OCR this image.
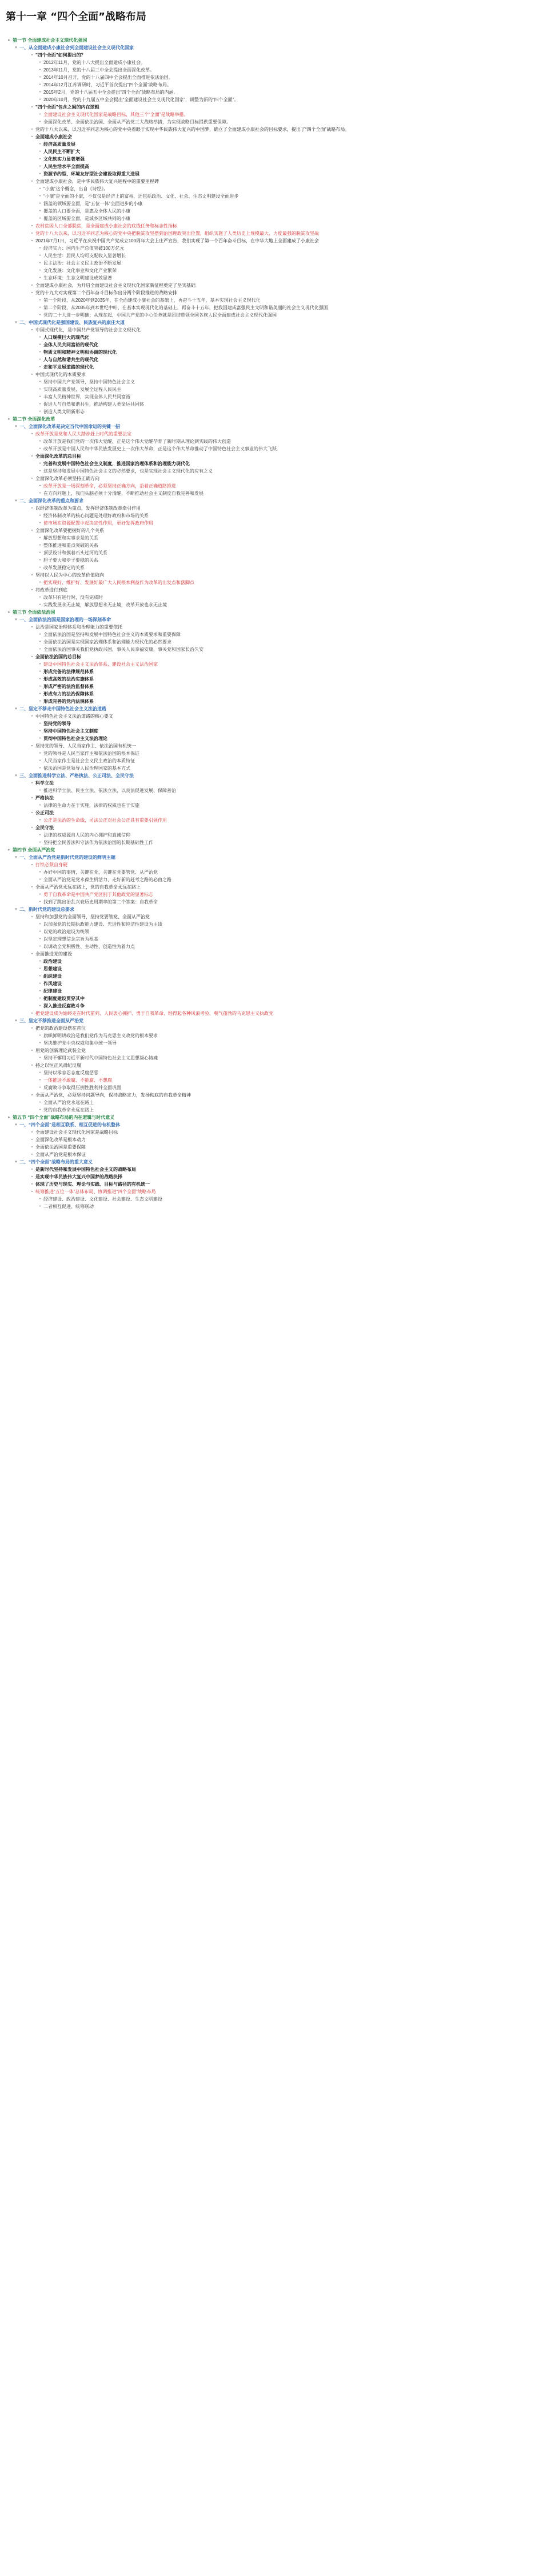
第十一章 “四个全面”战略布局
▸ 第一节 全面建成社会主义现代化强国
▾ 一、从全面建成小康社会到全面建设社会主义现代化国家
▪ "四个全面"如何提出的？
• 2012年11月，党的十八大提出全面建成小康社会。
• 2013年11月，党的十八届三中全会提出全面深化改革。
• 2014年10月召开，党的十八届四中全会提出全面推进依法治国。
• 2014年12月江苏调研时，习近平首次提出“四个全面”战略布局。
• 2015年2月，党的十八届五中全会提出“四个全面”战略布局的内涵。
• 2020年10月，党的十九届五中全会提出“全面建设社会主义现代化国家”，调整为新的“四个全面”。
▪ "四个全面"包含之间的内在逻辑
• 全面建设社会主义现代化国家是战略目标，其他三个“全面”是战略举措。
• 全面深化改革、全面依法治国、全面从严治党三大战略举措，为实现战略目标提供重要保障。
▪ 党的十八大以来，以习近平同志为核心的党中央着眼于实现中华民族伟大复兴的中国梦，确立了全面建成小康社会的目标要求，提出了“四个全面”战略布局。
▪ 全面建成小康社会
• 经济高质量发展
• 人民民主不断扩大
• 文化软实力显著增强
• 人民生活水平全面提高
• 资源节约型、环境友好型社会建设取得重大进展
▪ 全面建成小康社会，是中华民族伟大复兴进程中的重要里程碑
• “小康”这个概念，出自《诗经》。
• “小康”是全面的小康，不仅仅是经济上的富裕，还包括政治、文化、社会、生态文明建设全面进步
• 涵盖的领域要全面，是“五位一体”全面进步的小康
• 覆盖的人口要全面，是惠及全体人民的小康
• 覆盖的区域要全面，是城乡区域共同的小康
▪ 农村贫困人口全部脱贫，是全面建成小康社会的底线任务和标志性指标
▪ 党的十八大以来，以习近平同志为核心的党中央把脱贫攻坚摆到治国理政突出位置，组织实施了人类历史上规模最大、力度最强的脱贫攻坚战
▪ 2021年7月1日，习近平在庆祝中国共产党成立100周年大会上庄严宣告，我们实现了第一个百年奋斗目标，在中华大地上全面建成了小康社会
• 经济实力：国内生产总值突破100万亿元
• 人民生活：居民人均可支配收入显著增长
• 民主法治：社会主义民主政治不断发展
• 文化发展：文化事业和文化产业繁荣
• 生态环境：生态文明建设成效显著
▪ 全面建成小康社会，为开启全面建设社会主义现代化国家新征程奠定了坚实基础
▪ 党的十九大对实现第二个百年奋斗目标作出分两个阶段推进的战略安排
• 第一个阶段，从2020年到2035年，在全面建成小康社会的基础上，再奋斗十五年，基本实现社会主义现代化
• 第二个阶段，从2035年到本世纪中叶，在基本实现现代化的基础上，再奋斗十五年，把我国建成富强民主文明和谐美丽的社会主义现代化强国
• 党的二十大进一步明确：从现在起，中国共产党的中心任务就是团结带领全国各族人民全面建成社会主义现代化强国
▾ 二、中国式现代化是强国建设、民族复兴的康庄大道
▪ 中国式现代化，是中国共产党领导的社会主义现代化
• 人口规模巨大的现代化
• 全体人民共同富裕的现代化
• 物质文明和精神文明相协调的现代化
• 人与自然和谐共生的现代化
• 走和平发展道路的现代化
▪ 中国式现代化的本质要求
• 坚持中国共产党领导，坚持中国特色社会主义
• 实现高质量发展，发展全过程人民民主
• 丰富人民精神世界，实现全体人民共同富裕
• 促进人与自然和谐共生，推动构建人类命运共同体
• 创造人类文明新形态
▸ 第二节 全面深化改革
▾ 一、全面深化改革是决定当代中国命运的关键一招
▪ 改革开放是党和人民大踏步赶上时代的重要法宝
• 改革开放是我们党的一次伟大觉醒，正是这个伟大觉醒孕育了新时期从理论到实践的伟大创造
• 改革开放是中国人民和中华民族发展史上一次伟大革命，正是这个伟大革命推动了中国特色社会主义事业的伟大飞跃
▪ 全面深化改革的总目标
• 完善和发展中国特色社会主义制度，推进国家治理体系和治理能力现代化
• 这是坚持和发展中国特色社会主义的必然要求，也是实现社会主义现代化的应有之义
▪ 全面深化改革必须坚持正确方向
• 改革开放是一场深刻革命，必须坚持正确方向，沿着正确道路推进
• 在方向问题上，我们头脑必须十分清醒，不断推动社会主义制度自我完善和发展
▾ 二、全面深化改革的重点和要求
▪ 以经济体制改革为重点，发挥经济体制改革牵引作用
• 经济体制改革的核心问题是处理好政府和市场的关系
• 使市场在资源配置中起决定性作用，更好发挥政府作用
▪ 全面深化改革要把握好的几个关系
• 解放思想和实事求是的关系
• 整体推进和重点突破的关系
• 顶层设计和摸着石头过河的关系
• 胆子要大和步子要稳的关系
• 改革发展稳定的关系
▪ 坚持以人民为中心的改革价值取向
• 把实现好、维护好、发展好最广大人民根本利益作为改革的出发点和落脚点
▪ 将改革进行到底
• 改革只有进行时，没有完成时
• 实践发展永无止境，解放思想永无止境，改革开放也永无止境
▸ 第三节 全面依法治国
▾ 一、全面依法治国是国家治理的一场深刻革命
▪ 法治是国家治理体系和治理能力的重要依托
• 全面依法治国是坚持和发展中国特色社会主义的本质要求和重要保障
• 全面依法治国是实现国家治理体系和治理能力现代化的必然要求
• 全面依法治国事关我们党执政兴国，事关人民幸福安康，事关党和国家长治久安
▪ 全面依法治国的总目标
• 建设中国特色社会主义法治体系，建设社会主义法治国家
• 形成完备的法律规范体系
• 形成高效的法治实施体系
• 形成严密的法治监督体系
• 形成有力的法治保障体系
• 形成完善的党内法规体系
▾ 二、坚定不移走中国特色社会主义法治道路
▪ 中国特色社会主义法治道路的核心要义
• 坚持党的领导
• 坚持中国特色社会主义制度
• 贯彻中国特色社会主义法治理论
▪ 坚持党的领导、人民当家作主、依法治国有机统一
• 党的领导是人民当家作主和依法治国的根本保证
• 人民当家作主是社会主义民主政治的本质特征
• 依法治国是党领导人民治理国家的基本方式
▾ 三、全面推进科学立法、严格执法、公正司法、全民守法
▪ 科学立法
• 推进科学立法、民主立法、依法立法，以良法促进发展、保障善治
▪ 严格执法
• 法律的生命力在于实施，法律的权威也在于实施
▪ 公正司法
• 公正是法治的生命线，司法公正对社会公正具有重要引领作用
▪ 全民守法
• 法律的权威源自人民的内心拥护和真诚信仰
• 坚持把全民普法和守法作为依法治国的长期基础性工作
▸ 第四节 全面从严治党
▾ 一、全面从严治党是新时代党的建设的鲜明主题
▪ 打铁必须自身硬
• 办好中国的事情，关键在党，关键在党要管党、从严治党
• 全面从严治党是党永葆生机活力、走好新的赶考之路的必由之路
▪ 全面从严治党永远在路上，党的自我革命永远在路上
• 勇于自我革命是中国共产党区别于其他政党的显著标志
• 找到了跳出治乱兴衰历史周期率的第二个答案：自我革命
▾ 二、新时代党的建设总要求
▪ 坚持和加强党的全面领导，坚持党要管党、全面从严治党
• 以加强党的长期执政能力建设、先进性和纯洁性建设为主线
• 以党的政治建设为统领
• 以坚定理想信念宗旨为根基
• 以调动全党积极性、主动性、创造性为着力点
▪ 全面推进党的建设
• 政治建设
• 思想建设
• 组织建设
• 作风建设
• 纪律建设
• 把制度建设贯穿其中
• 深入推进反腐败斗争
▪ 把党建设成为始终走在时代前列、人民衷心拥护、勇于自我革命、经得起各种风浪考验、朝气蓬勃的马克思主义执政党
▾ 三、坚定不移推进全面从严治党
▪ 把党的政治建设摆在首位
• 旗帜鲜明讲政治是我们党作为马克思主义政党的根本要求
• 坚决维护党中央权威和集中统一领导
▪ 用党的创新理论武装全党
• 坚持不懈用习近平新时代中国特色社会主义思想凝心铸魂
▪ 持之以恒正风肃纪反腐
• 坚持以零容忍态度反腐惩恶
• 一体推进不敢腐、不能腐、不想腐
• 反腐败斗争取得压倒性胜利并全面巩固
▪ 全面从严治党，必须坚持问题导向，保持战略定力，发扬彻底的自我革命精神
• 全面从严治党永远在路上
• 党的自我革命永远在路上
▸ 第五节 “四个全面”战略布局的内在逻辑与时代意义
▾ 一、“四个全面”是相互联系、相互促进的有机整体
▪ 全面建设社会主义现代化国家是战略目标
▪ 全面深化改革是根本动力
▪ 全面依法治国是重要保障
▪ 全面从严治党是根本保证
▾ 二、“四个全面”战略布局的重大意义
▪ 是新时代坚持和发展中国特色社会主义的战略布局
▪ 是实现中华民族伟大复兴中国梦的战略抉择
▪ 体现了历史与现实、理论与实践、目标与路径的有机统一
▪ 统筹推进“五位一体”总体布局、协调推进“四个全面”战略布局
• 经济建设、政治建设、文化建设、社会建设、生态文明建设
• 二者相互促进、统筹联动
